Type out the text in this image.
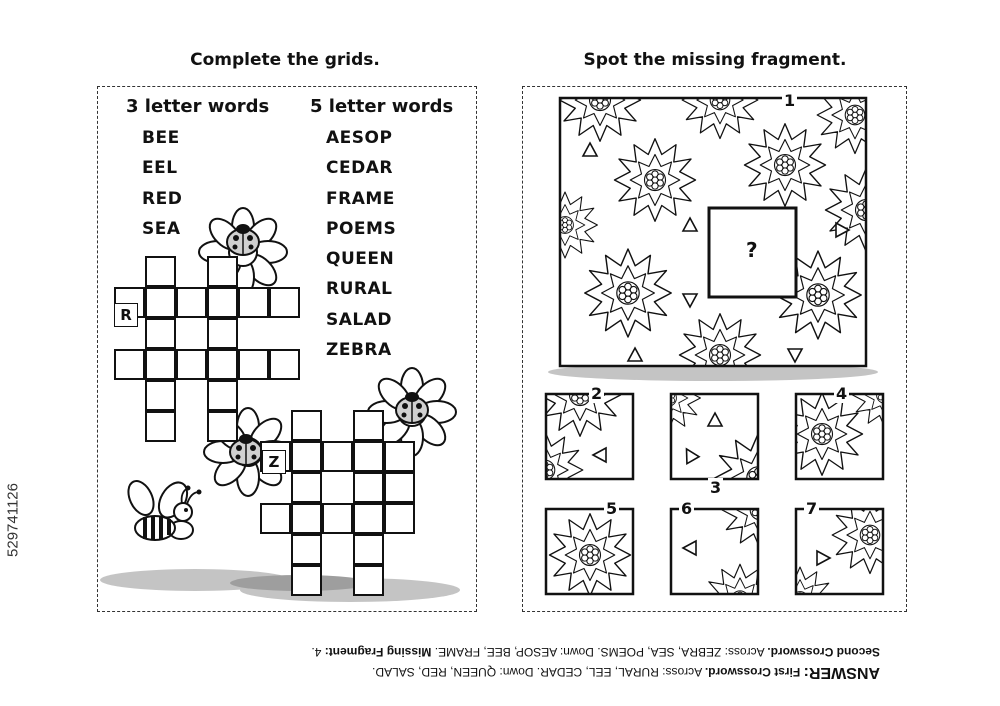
529741126
Complete the grids.	Spot the missing fragment.
3 letter words
BEE
EEL
RED
SEA
5 letter words
AESOP
CEDAR
FRAME
POEMS
QUEEN
RURAL
SALAD
ZEBRA
R
Z
?
1
2
3
4
5	6	7
ANSWER: First Crossword. Across: RURAL, EEL, CEDAR. Down: QUEEN, RED, SALAD.
Second Crossword. Across: ZEBRA, SEA, POEMS. Down: AESOP, BEE, FRAME. Missing Fragment: 4.
